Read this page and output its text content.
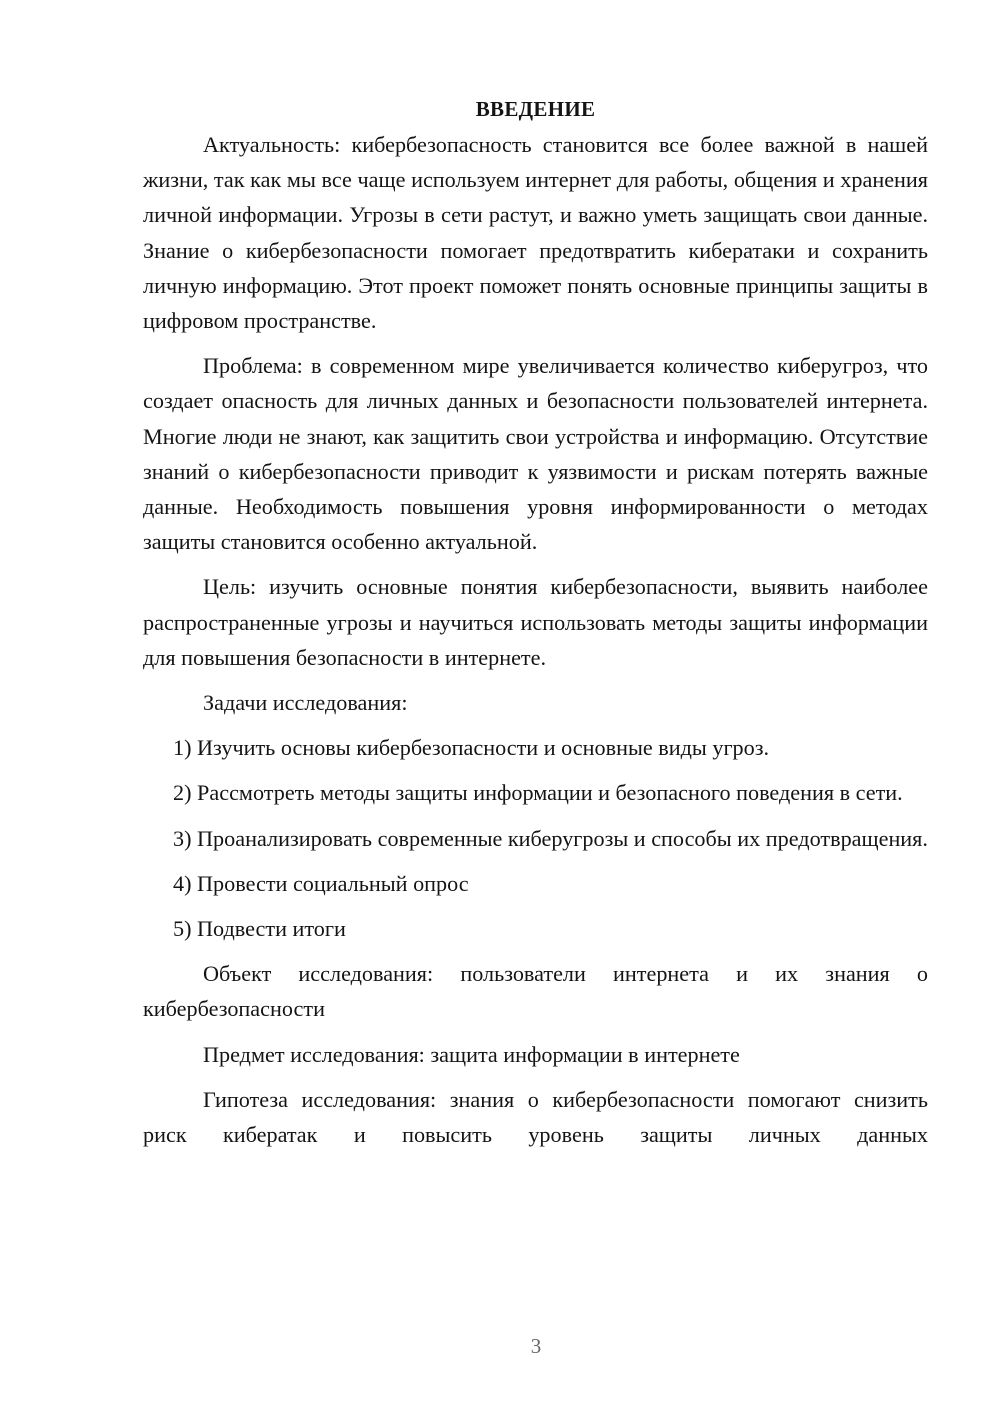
ВВЕДЕНИЕ

Актуальность: кибербезопасность становится все более важной в нашей жизни, так как мы все чаще используем интернет для работы, общения и хранения личной информации. Угрозы в сети растут, и важно уметь защищать свои данные. Знание о кибербезопасности помогает предотвратить кибератаки и сохранить личную информацию. Этот проект поможет понять основные принципы защиты в цифровом пространстве.

Проблема: в современном мире увеличивается количество киберугроз, что создает опасность для личных данных и безопасности пользователей интернета. Многие люди не знают, как защитить свои устройства и информацию. Отсутствие знаний о кибербезопасности приводит к уязвимости и рискам потерять важные данные. Необходимость повышения уровня информированности о методах защиты становится особенно актуальной.

Цель: изучить основные понятия кибербезопасности, выявить наиболее распространенные угрозы и научиться использовать методы защиты информации для повышения безопасности в интернете.

Задачи исследования:

1) Изучить основы кибербезопасности и основные виды угроз.

2) Рассмотреть методы защиты информации и безопасного поведения в сети.

3) Проанализировать современные киберугрозы и способы их предотвращения.

4) Провести социальный опрос

5) Подвести итоги

Объект исследования: пользователи интернета и их знания о кибербезопасности

Предмет исследования: защита информации в интернете

Гипотеза исследования: знания о кибербезопасности помогают снизить риск кибератак и повысить уровень защиты личных данных

3
